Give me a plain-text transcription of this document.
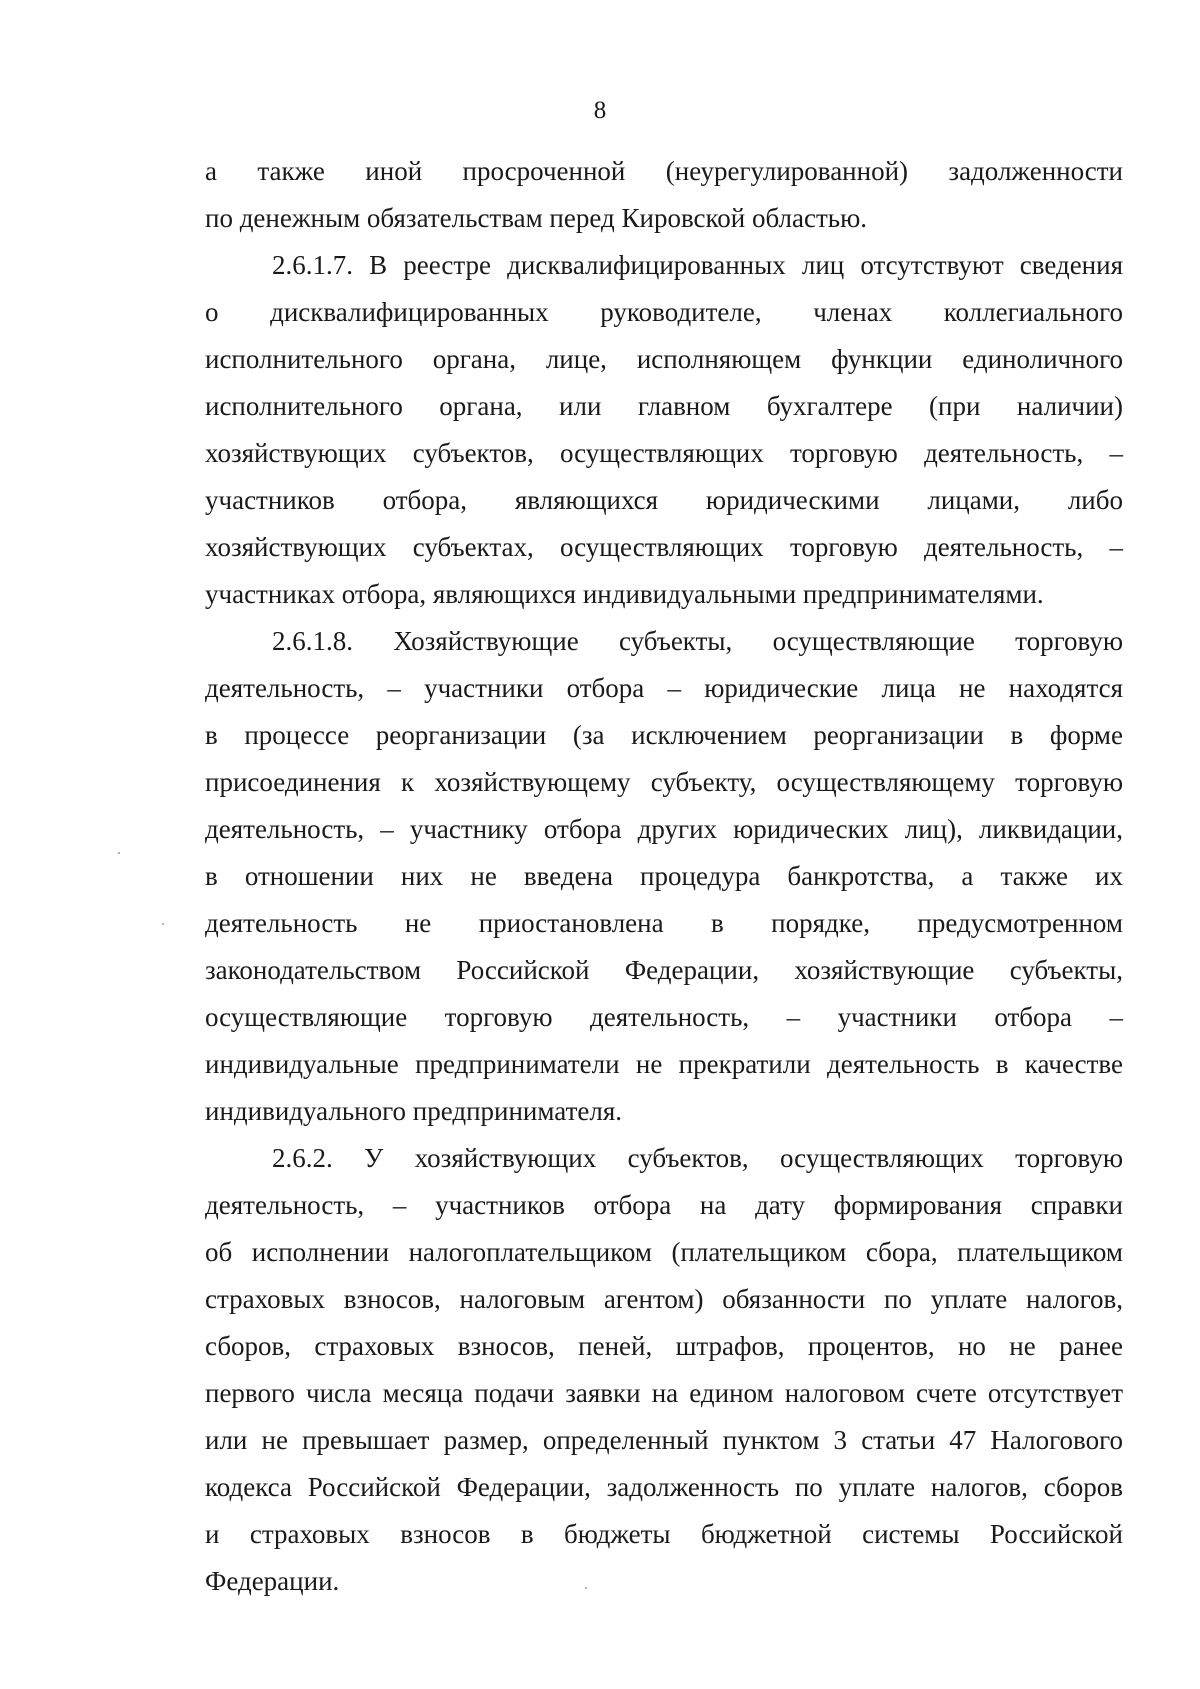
8
а также иной просроченной (неурегулированной) задолженности
по денежным обязательствам перед Кировской областью.
2.6.1.7. В реестре дисквалифицированных лиц отсутствуют сведения
о дисквалифицированных руководителе, членах коллегиального
исполнительного органа, лице, исполняющем функции единоличного
исполнительного органа, или главном бухгалтере (при наличии)
хозяйствующих субъектов, осуществляющих торговую деятельность, –
участников отбора, являющихся юридическими лицами, либо
хозяйствующих субъектах, осуществляющих торговую деятельность, –
участниках отбора, являющихся индивидуальными предпринимателями.
2.6.1.8. Хозяйствующие субъекты, осуществляющие торговую
деятельность, – участники отбора – юридические лица не находятся
в процессе реорганизации (за исключением реорганизации в форме
присоединения к хозяйствующему субъекту, осуществляющему торговую
деятельность, – участнику отбора других юридических лиц), ликвидации,
в отношении них не введена процедура банкротства, а также их
деятельность не приостановлена в порядке, предусмотренном
законодательством Российской Федерации, хозяйствующие субъекты,
осуществляющие торговую деятельность, – участники отбора –
индивидуальные предприниматели не прекратили деятельность в качестве
индивидуального предпринимателя.
2.6.2. У хозяйствующих субъектов, осуществляющих торговую
деятельность, – участников отбора на дату формирования справки
об исполнении налогоплательщиком (плательщиком сбора, плательщиком
страховых взносов, налоговым агентом) обязанности по уплате налогов,
сборов, страховых взносов, пеней, штрафов, процентов, но не ранее
первого числа месяца подачи заявки на едином налоговом счете отсутствует
или не превышает размер, определенный пунктом 3 статьи 47 Налогового
кодекса Российской Федерации, задолженность по уплате налогов, сборов
и страховых взносов в бюджеты бюджетной системы Российской
Федерации.
